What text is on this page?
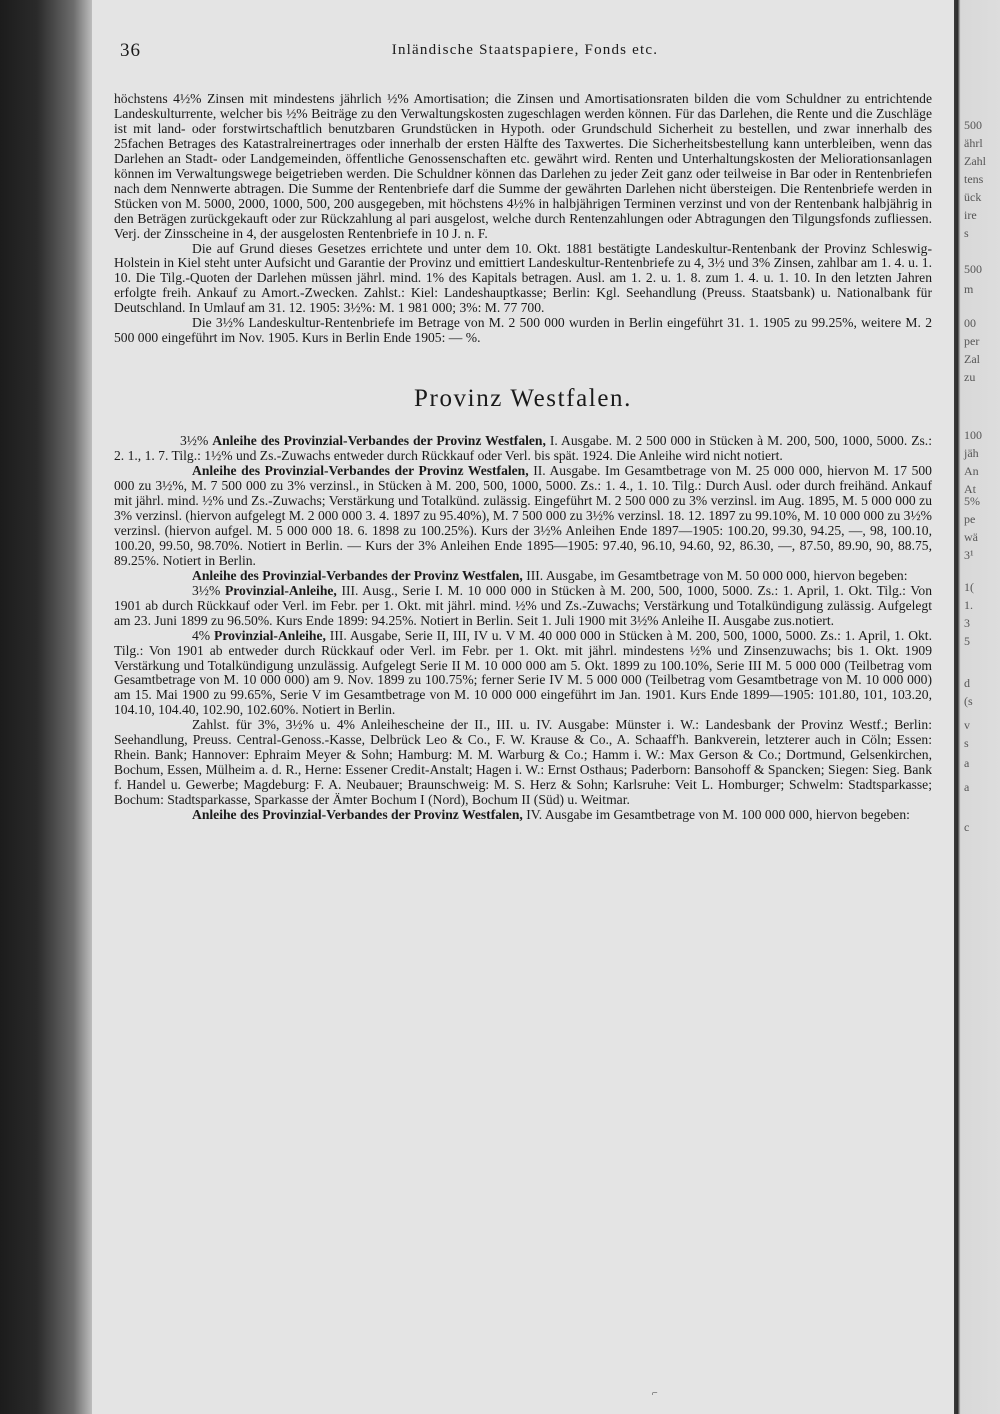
500
ährl
Zahl
tens
ück
ire
s
500
m
00
per
Zal
zu
100
jäh
An
At
5%
pe
wä
3¹
1(
1.
3
5
d
(s
v
s
a
a
c
36	Inländische Staatspapiere, Fonds etc.

höchstens 4½% Zinsen mit mindestens jährlich ½% Amortisation; die Zinsen und Amortisationsraten bilden die vom Schuldner zu entrichtende Landeskulturrente, welcher bis ½% Beiträge zu den Verwaltungskosten zugeschlagen werden können. Für das Darlehen, die Rente und die Zuschläge ist mit land- oder forstwirtschaftlich benutzbaren Grundstücken in Hypoth. oder Grundschuld Sicherheit zu bestellen, und zwar innerhalb des 25fachen Betrages des Katastralreinertrages oder innerhalb der ersten Hälfte des Taxwertes. Die Sicherheitsbestellung kann unterbleiben, wenn das Darlehen an Stadt- oder Landgemeinden, öffentliche Genossenschaften etc. gewährt wird. Renten und Unterhaltungskosten der Meliorationsanlagen können im Verwaltungswege beigetrieben werden. Die Schuldner können das Darlehen zu jeder Zeit ganz oder teilweise in Bar oder in Rentenbriefen nach dem Nennwerte abtragen. Die Summe der Rentenbriefe darf die Summe der gewährten Darlehen nicht übersteigen. Die Rentenbriefe werden in Stücken von M. 5000, 2000, 1000, 500, 200 ausgegeben, mit höchstens 4½% in halbjährigen Terminen verzinst und von der Rentenbank halbjährig in den Beträgen zurückgekauft oder zur Rückzahlung al pari ausgelost, welche durch Rentenzahlungen oder Abtragungen den Tilgungsfonds zufliessen. Verj. der Zinsscheine in 4, der ausgelosten Rentenbriefe in 10 J. n. F.

Die auf Grund dieses Gesetzes errichtete und unter dem 10. Okt. 1881 bestätigte Landeskultur-Rentenbank der Provinz Schleswig-Holstein in Kiel steht unter Aufsicht und Garantie der Provinz und emittiert Landeskultur-Rentenbriefe zu 4, 3½ und 3% Zinsen, zahlbar am 1. 4. u. 1. 10. Die Tilg.-Quoten der Darlehen müssen jährl. mind. 1% des Kapitals betragen. Ausl. am 1. 2. u. 1. 8. zum 1. 4. u. 1. 10. In den letzten Jahren erfolgte freih. Ankauf zu Amort.-Zwecken. Zahlst.: Kiel: Landeshauptkasse; Berlin: Kgl. Seehandlung (Preuss. Staatsbank) u. Nationalbank für Deutschland. In Umlauf am 31. 12. 1905: 3½%: M. 1 981 000; 3%: M. 77 700.

Die 3½% Landeskultur-Rentenbriefe im Betrage von M. 2 500 000 wurden in Berlin eingeführt 31. 1. 1905 zu 99.25%, weitere M. 2 500 000 eingeführt im Nov. 1905. Kurs in Berlin Ende 1905: — %.

Provinz Westfalen.

3½% Anleihe des Provinzial-Verbandes der Provinz Westfalen, I. Ausgabe. M. 2 500 000 in Stücken à M. 200, 500, 1000, 5000. Zs.: 2. 1., 1. 7. Tilg.: 1½% und Zs.-Zuwachs entweder durch Rückkauf oder Verl. bis spät. 1924. Die Anleihe wird nicht notiert.

Anleihe des Provinzial-Verbandes der Provinz Westfalen, II. Ausgabe. Im Gesamtbetrage von M. 25 000 000, hiervon M. 17 500 000 zu 3½%, M. 7 500 000 zu 3% verzinsl., in Stücken à M. 200, 500, 1000, 5000. Zs.: 1. 4., 1. 10. Tilg.: Durch Ausl. oder durch freihänd. Ankauf mit jährl. mind. ½% und Zs.-Zuwachs; Verstärkung und Totalkünd. zulässig. Eingeführt M. 2 500 000 zu 3% verzinsl. im Aug. 1895, M. 5 000 000 zu 3% verzinsl. (hiervon aufgelegt M. 2 000 000 3. 4. 1897 zu 95.40%), M. 7 500 000 zu 3½% verzinsl. 18. 12. 1897 zu 99.10%, M. 10 000 000 zu 3½% verzinsl. (hiervon aufgel. M. 5 000 000 18. 6. 1898 zu 100.25%). Kurs der 3½% Anleihen Ende 1897—1905: 100.20, 99.30, 94.25, —, 98, 100.10, 100.20, 99.50, 98.70%. Notiert in Berlin. — Kurs der 3% Anleihen Ende 1895—1905: 97.40, 96.10, 94.60, 92, 86.30, —, 87.50, 89.90, 90, 88.75, 89.25%. Notiert in Berlin.

Anleihe des Provinzial-Verbandes der Provinz Westfalen, III. Ausgabe, im Gesamtbetrage von M. 50 000 000, hiervon begeben:

3½% Provinzial-Anleihe, III. Ausg., Serie I. M. 10 000 000 in Stücken à M. 200, 500, 1000, 5000. Zs.: 1. April, 1. Okt. Tilg.: Von 1901 ab durch Rückkauf oder Verl. im Febr. per 1. Okt. mit jährl. mind. ½% und Zs.-Zuwachs; Verstärkung und Totalkündigung zulässig. Aufgelegt am 23. Juni 1899 zu 96.50%. Kurs Ende 1899: 94.25%. Notiert in Berlin. Seit 1. Juli 1900 mit 3½% Anleihe II. Ausgabe zus.notiert.

4% Provinzial-Anleihe, III. Ausgabe, Serie II, III, IV u. V M. 40 000 000 in Stücken à M. 200, 500, 1000, 5000. Zs.: 1. April, 1. Okt. Tilg.: Von 1901 ab entweder durch Rückkauf oder Verl. im Febr. per 1. Okt. mit jährl. mindestens ½% und Zinsenzuwachs; bis 1. Okt. 1909 Verstärkung und Totalkündigung unzulässig. Aufgelegt Serie II M. 10 000 000 am 5. Okt. 1899 zu 100.10%, Serie III M. 5 000 000 (Teilbetrag vom Gesamtbetrage von M. 10 000 000) am 9. Nov. 1899 zu 100.75%; ferner Serie IV M. 5 000 000 (Teilbetrag vom Gesamtbetrage von M. 10 000 000) am 15. Mai 1900 zu 99.65%, Serie V im Gesamtbetrage von M. 10 000 000 eingeführt im Jan. 1901. Kurs Ende 1899—1905: 101.80, 101, 103.20, 104.10, 104.40, 102.90, 102.60%. Notiert in Berlin.

Zahlst. für 3%, 3½% u. 4% Anleihescheine der II., III. u. IV. Ausgabe: Münster i. W.: Landesbank der Provinz Westf.; Berlin: Seehandlung, Preuss. Central-Genoss.-Kasse, Delbrück Leo & Co., F. W. Krause & Co., A. Schaaff'h. Bankverein, letzterer auch in Cöln; Essen: Rhein. Bank; Hannover: Ephraim Meyer & Sohn; Hamburg: M. M. Warburg & Co.; Hamm i. W.: Max Gerson & Co.; Dortmund, Gelsenkirchen, Bochum, Essen, Mülheim a. d. R., Herne: Essener Credit-Anstalt; Hagen i. W.: Ernst Osthaus; Paderborn: Bansohoff & Spancken; Siegen: Sieg. Bank f. Handel u. Gewerbe; Magdeburg: F. A. Neubauer; Braunschweig: M. S. Herz & Sohn; Karlsruhe: Veit L. Homburger; Schwelm: Stadtsparkasse; Bochum: Stadtsparkasse, Sparkasse der Ämter Bochum I (Nord), Bochum II (Süd) u. Weitmar.

Anleihe des Provinzial-Verbandes der Provinz Westfalen, IV. Ausgabe im Gesamtbetrage von M. 100 000 000, hiervon begeben:

⌐
